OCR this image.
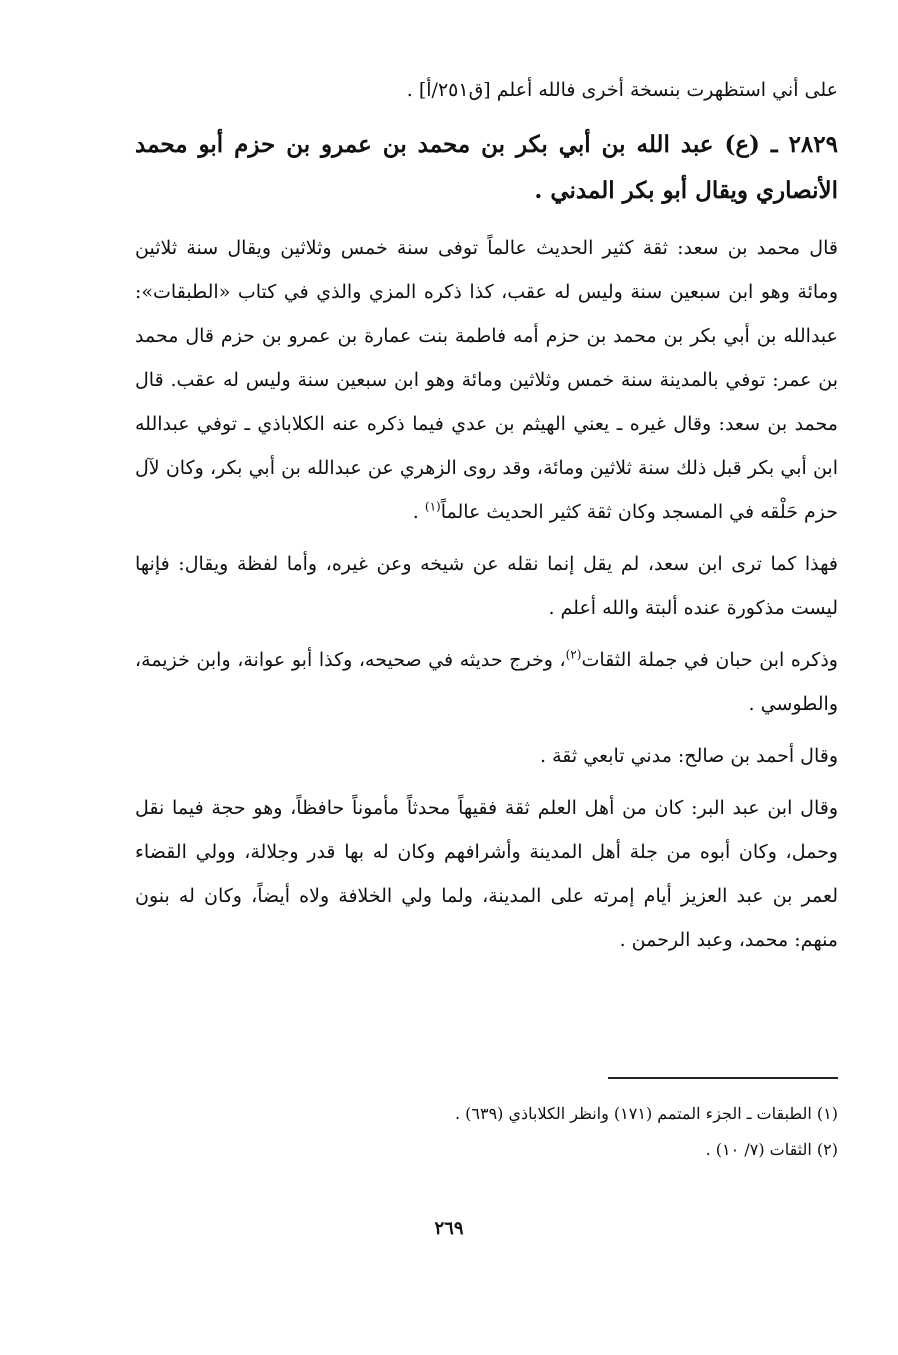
على أني استظهرت بنسخة أخرى فالله أعلم [ق٢٥١/أ] .

٢٨٢٩ ـ (ع) عبد الله بن أبي بكر بن محمد بن عمرو بن حزم أبو محمد الأنصاري ويقال أبو بكر المدني .

قال محمد بن سعد: ثقة كثير الحديث عالماً توفى سنة خمس وثلاثين ويقال سنة ثلاثين ومائة وهو ابن سبعين سنة وليس له عقب، كذا ذكره المزي والذي في كتاب «الطبقات»: عبدالله بن أبي بكر بن محمد بن حزم أمه فاطمة بنت عمارة بن عمرو بن حزم قال محمد بن عمر: توفي بالمدينة سنة خمس وثلاثين ومائة وهو ابن سبعين سنة وليس له عقب. قال محمد بن سعد: وقال غيره ـ يعني الهيثم بن عدي فيما ذكره عنه الكلاباذي ـ توفي عبدالله ابن أبي بكر قبل ذلك سنة ثلاثين ومائة، وقد روى الزهري عن عبدالله بن أبي بكر، وكان لآل حزم حَلْقه في المسجد وكان ثقة كثير الحديث عالماً$^{(١)}$ .

فهذا كما ترى ابن سعد، لم يقل إنما نقله عن شيخه وعن غيره، وأما لفظة ويقال: فإنها ليست مذكورة عنده ألبتة والله أعلم .

وذكره ابن حبان في جملة الثقات$^{(٢)}$، وخرج حديثه في صحيحه، وكذا أبو عوانة، وابن خزيمة، والطوسي .

وقال أحمد بن صالح: مدني تابعي ثقة .

وقال ابن عبد البر: كان من أهل العلم ثقة فقيهاً محدثاً مأموناً حافظاً، وهو حجة فيما نقل وحمل، وكان أبوه من جلة أهل المدينة وأشرافهم وكان له بها قدر وجلالة، وولي القضاء لعمر بن عبد العزيز أيام إمرته على المدينة، ولما ولي الخلافة ولاه أيضاً، وكان له بنون منهم: محمد، وعبد الرحمن .

(١) الطبقات ـ الجزء المتمم (١٧١) وانظر الكلاباذي (٦٣٩) .
(٢) الثقات (٧/ ١٠) .
٢٦٩
